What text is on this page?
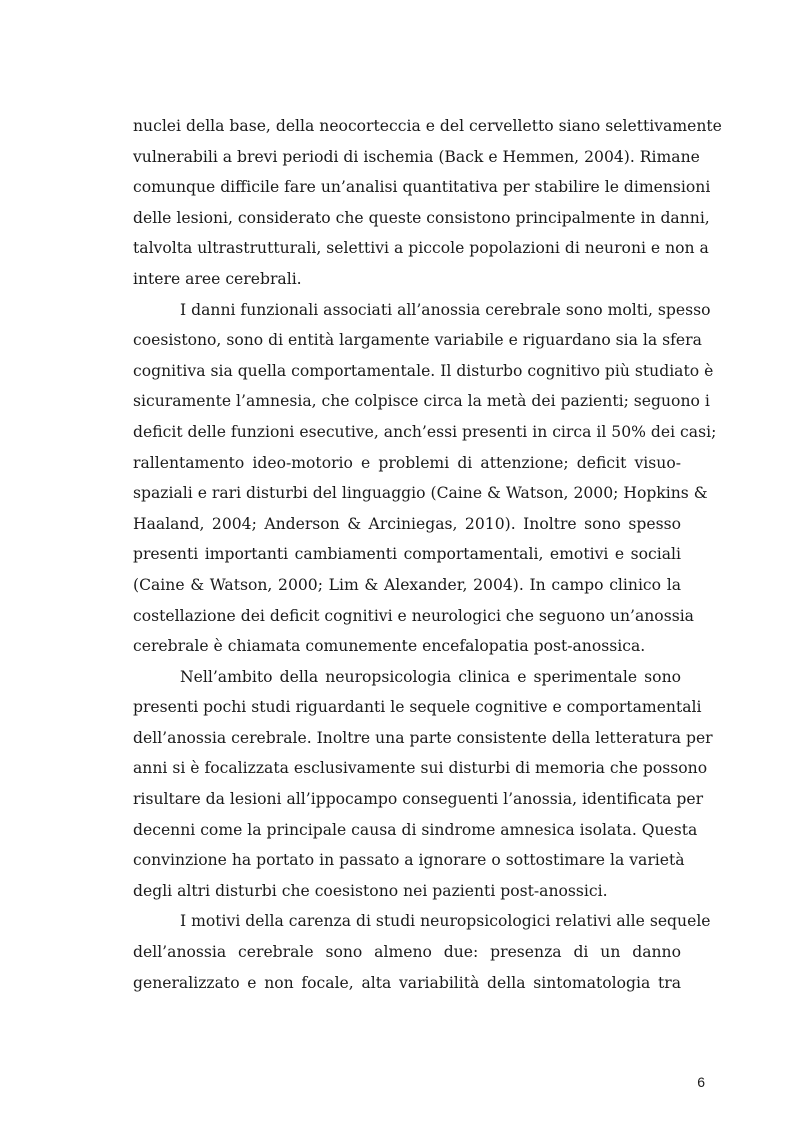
nuclei della base, della neocorteccia e del cervelletto siano selettivamente
vulnerabili a brevi periodi di ischemia (Back e Hemmen, 2004). Rimane
comunque difficile fare un’analisi quantitativa per stabilire le dimensioni
delle lesioni, considerato che queste consistono principalmente in danni,
talvolta ultrastrutturali, selettivi a piccole popolazioni di neuroni e non a
intere aree cerebrali.
I danni funzionali associati all’anossia cerebrale sono molti, spesso
coesistono, sono di entità largamente variabile e riguardano sia la sfera
cognitiva sia quella comportamentale. Il disturbo cognitivo più studiato è
sicuramente l’amnesia, che colpisce circa la metà dei pazienti; seguono i
deficit delle funzioni esecutive, anch’essi presenti in circa il 50% dei casi;
rallentamento ideo-motorio e problemi di attenzione; deficit visuo-
spaziali e rari disturbi del linguaggio (Caine & Watson, 2000; Hopkins &
Haaland, 2004; Anderson & Arciniegas, 2010). Inoltre sono spesso
presenti importanti cambiamenti comportamentali, emotivi e sociali
(Caine & Watson, 2000; Lim & Alexander, 2004). In campo clinico la
costellazione dei deficit cognitivi e neurologici che seguono un’anossia
cerebrale è chiamata comunemente encefalopatia post-anossica.
Nell’ambito della neuropsicologia clinica e sperimentale sono
presenti pochi studi riguardanti le sequele cognitive e comportamentali
dell’anossia cerebrale. Inoltre una parte consistente della letteratura per
anni si è focalizzata esclusivamente sui disturbi di memoria che possono
risultare da lesioni all’ippocampo conseguenti l’anossia, identificata per
decenni come la principale causa di sindrome amnesica isolata. Questa
convinzione ha portato in passato a ignorare o sottostimare la varietà
degli altri disturbi che coesistono nei pazienti post-anossici.
I motivi della carenza di studi neuropsicologici relativi alle sequele
dell’anossia cerebrale sono almeno due: presenza di un danno
generalizzato e non focale, alta variabilità della sintomatologia tra
6
